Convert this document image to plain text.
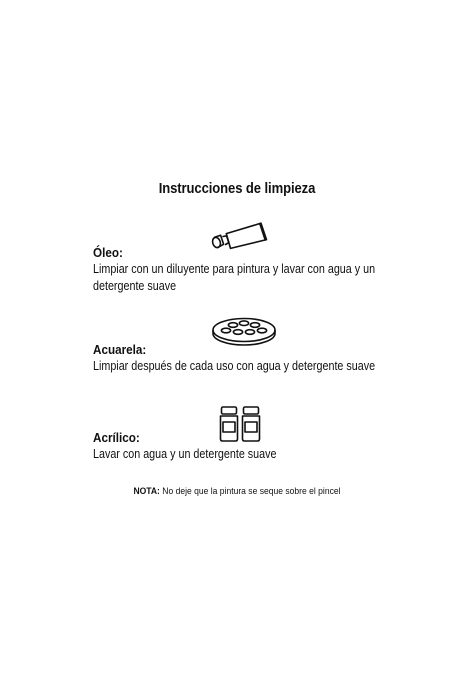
Instrucciones de limpieza
Óleo:
Limpiar con un diluyente para pintura y lavar con agua y un detergente suave
Acuarela:
Limpiar después de cada uso con agua y detergente suave
Acrílico:
Lavar con agua y un detergente suave
NOTA: No deje que la pintura se seque sobre el pincel
